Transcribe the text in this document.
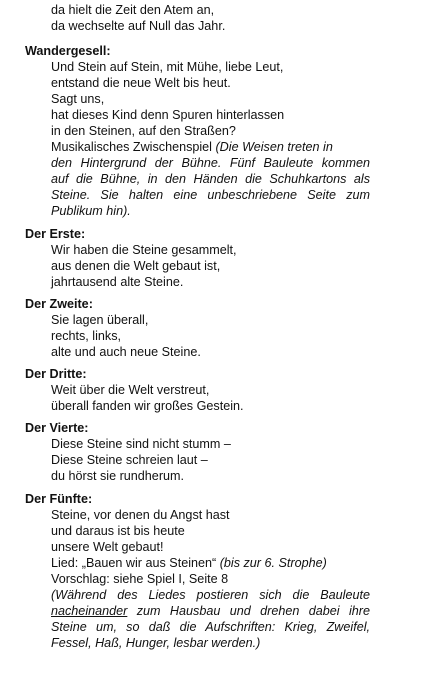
da hielt die Zeit den Atem an,
da wechselte auf Null das Jahr.
Wandergesell:
Und Stein auf Stein, mit Mühe, liebe Leut,
entstand die neue Welt bis heut.
Sagt uns,
hat dieses Kind denn Spuren hinterlassen
in den Steinen, auf den Straßen?
Musikalisches Zwischenspiel (Die Weisen treten in
den Hintergrund der Bühne. Fünf Bauleute kommen
auf die Bühne, in den Händen die Schuhkartons als
Steine. Sie halten eine unbeschriebene Seite zum
Publikum hin).
Der Erste:
Wir haben die Steine gesammelt,
aus denen die Welt gebaut ist,
jahrtausend alte Steine.
Der Zweite:
Sie lagen überall,
rechts, links,
alte und auch neue Steine.
Der Dritte:
Weit über die Welt verstreut,
überall fanden wir großes Gestein.
Der Vierte:
Diese Steine sind nicht stumm –
Diese Steine schreien laut –
du hörst sie rundherum.
Der Fünfte:
Steine, vor denen du Angst hast
und daraus ist bis heute
unsere Welt gebaut!
Lied: „Bauen wir aus Steinen“ (bis zur 6. Strophe)
Vorschlag: siehe Spiel I, Seite 8
(Während des Liedes postieren sich die Bauleute
nacheinander zum Hausbau und drehen dabei ihre
Steine um, so daß die Aufschriften: Krieg, Zweifel,
Fessel, Haß, Hunger, lesbar werden.)
